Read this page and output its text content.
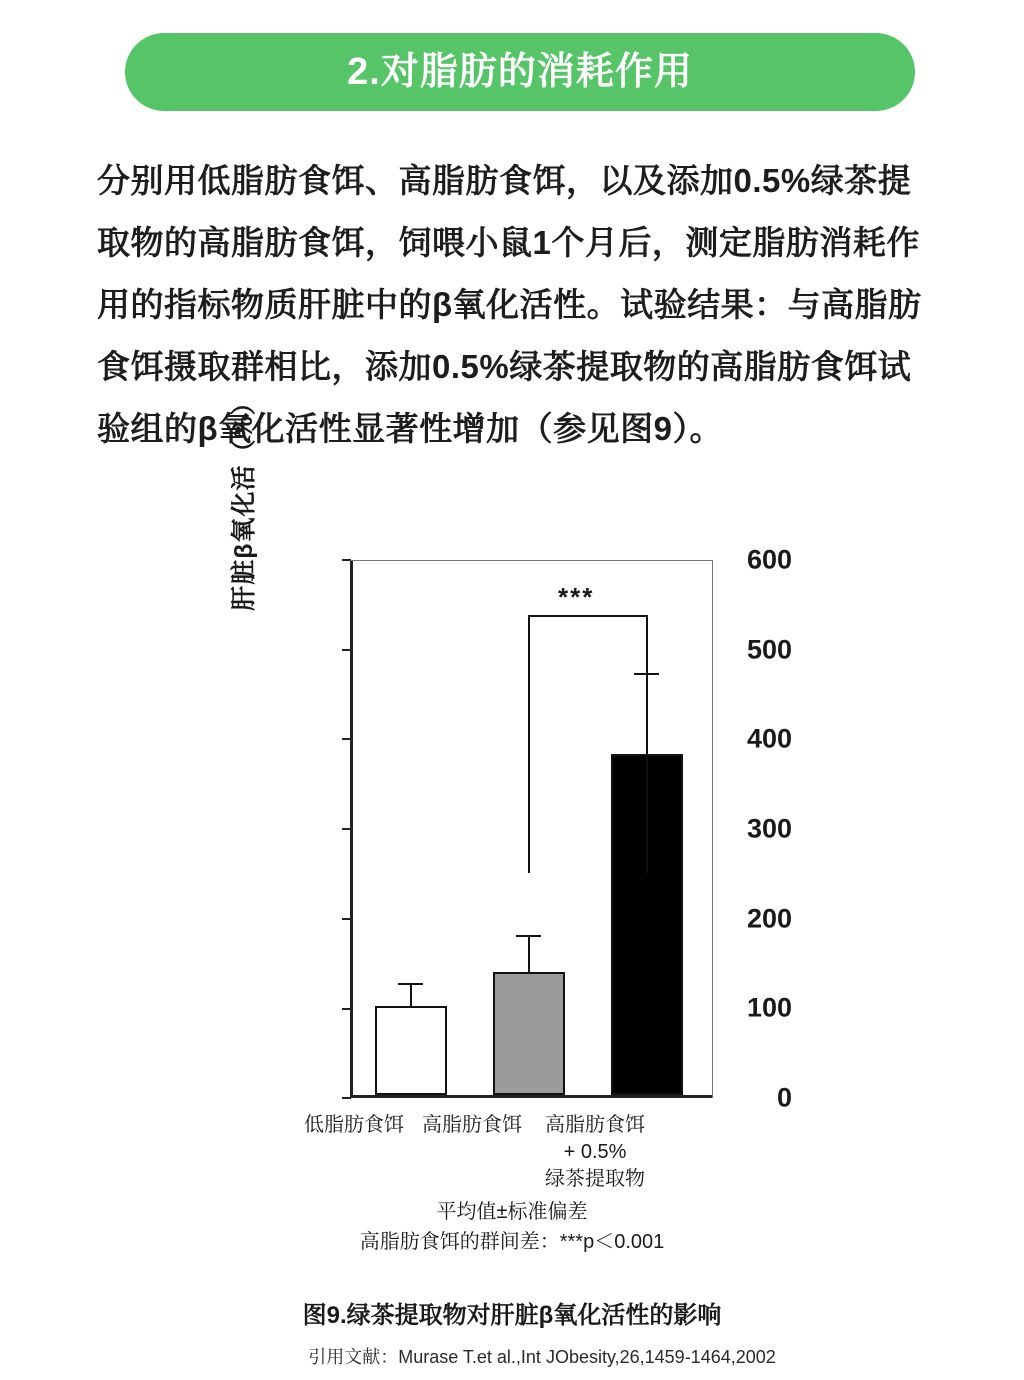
2.对脂肪的消耗作用
分别用低脂肪食饵、高脂肪食饵，以及添加0.5%绿茶提取物的高脂肪食饵，饲喂小鼠1个月后，测定脂肪消耗作用的指标物质肝脏中的β氧化活性。试验结果：与高脂肪食饵摄取群相比，添加0.5%绿茶提取物的高脂肪食饵试验组的β氧化活性显著性增加（参见图9）。
肝脏β氧化活（%）
0
100
200
300
400
500
600
***
低脂肪食饵 高脂肪食饵	高脂肪食饵
+ 0.5%
绿茶提取物
平均值±标准偏差
高脂肪食饵的群间差：***p＜0.001
图9.绿茶提取物对肝脏β氧化活性的影响
引用文献：Murase T.et al.,Int JObesity,26,1459-1464,2002
